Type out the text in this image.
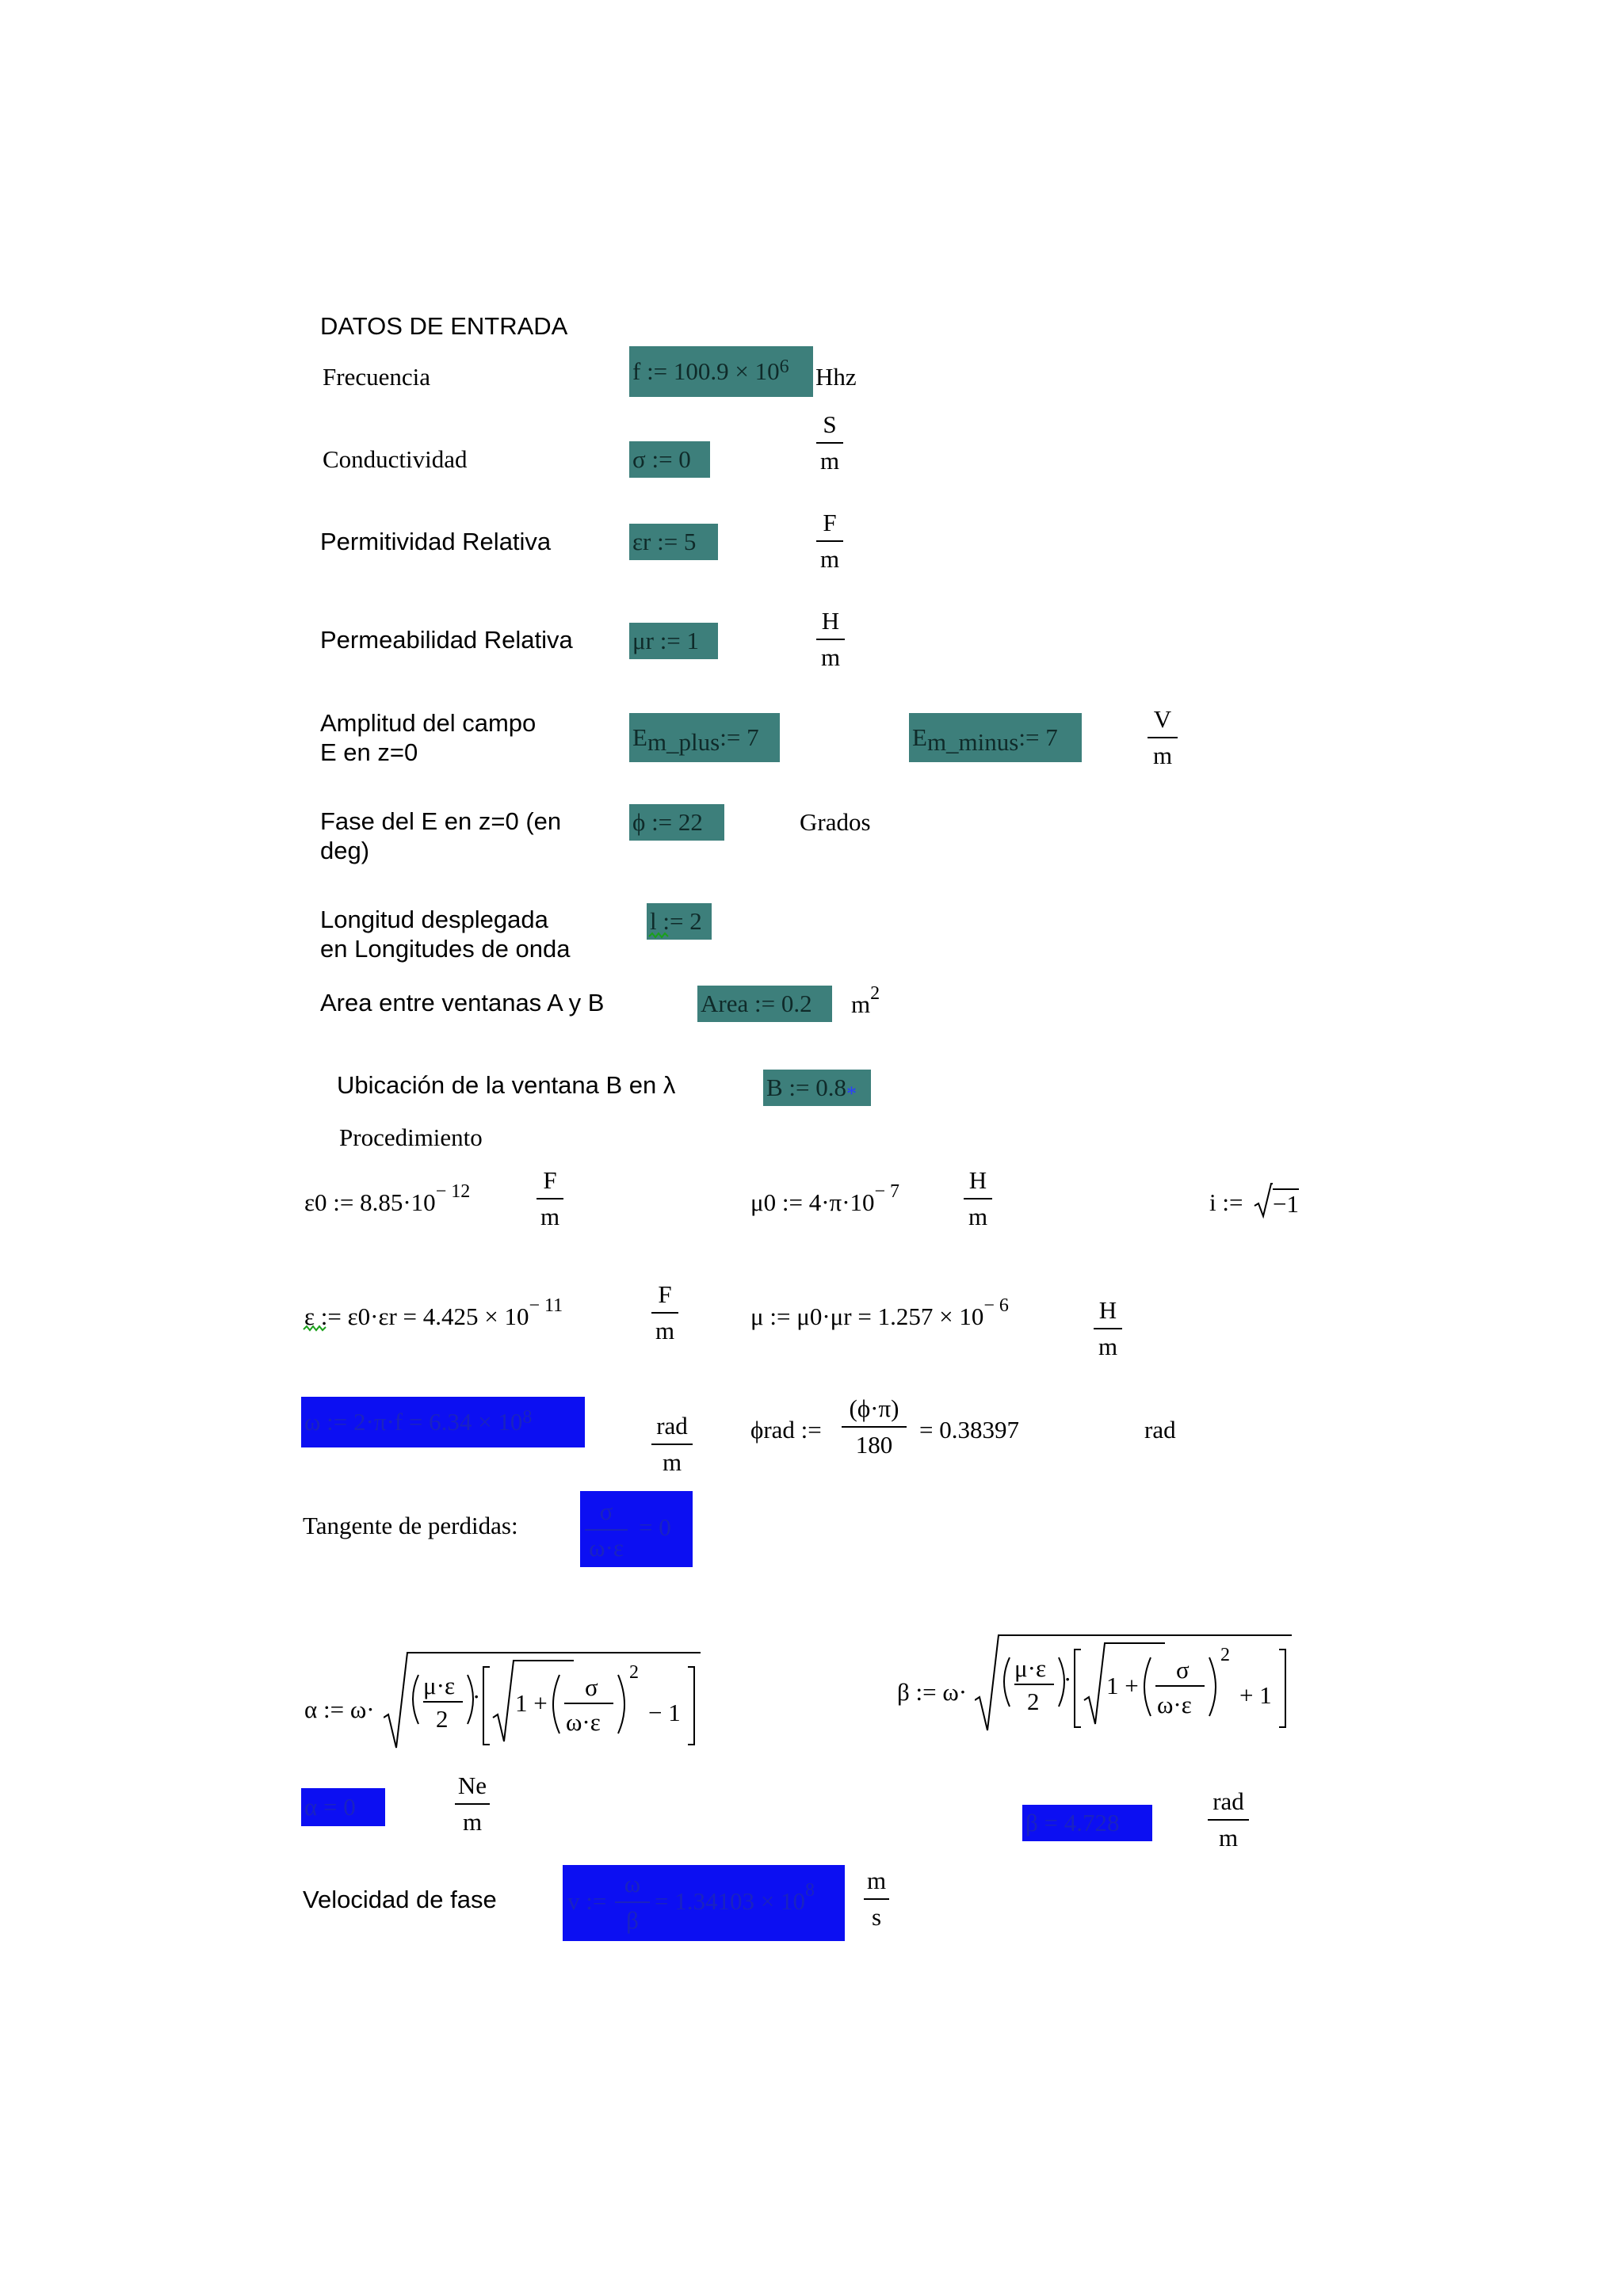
DATOS DE ENTRADA
Frecuencia	f := $100.9 \times 10^6$ Hhz
Conductividad	σ := 0
S
m
Permitividad Relativa	εr := 5
F
m
Permeabilidad Relativa μr := 1
H
m
Amplitud del campo
E en z=0
$E_{m\_plus}$ := 7	$E_{m\_minus}$ := 7
V
m
Fase del E en z=0 (en
deg)
ϕ := 22	Grados
Longitud desplegada
en Longitudes de onda
l := 2
Area entre ventanas A y B	Area := 0.2 $m^2$
Ubicación de la ventana B en λ	B := 0.8 *
Procedimiento
ε0 := $8.85\cdot 10^{- 12}$	F
m
μ0 := $4\cdot\pi\cdot 10^{- 7}$	H
m
i := −1
ε := $\varepsilon 0\cdot\varepsilon r = 4.425 \times 10^{- 11}$	F
m
μ := $\mu 0\cdot\mu r = 1.257 \times 10^{- 6}$	H
m
ω := $2\cdot\pi\cdot f = 6.34 \times 10^8$	rad
m
ϕrad :=
(ϕ·π)
180
= 0.38397	rad
Tangente de perdidas:
σ
ω·ε
= 0
α := ω·
μ·ε
2
· 1 +
σ
ω·ε
2
− 1
β := ω·
μ·ε
2
· 1 +
σ
ω·ε
2
+ 1
α = 0
Ne
m	β = 4.728
rad
m
Velocidad de fase	v :=
ω
β
= $1.34103 \times 10^8$ m
s
